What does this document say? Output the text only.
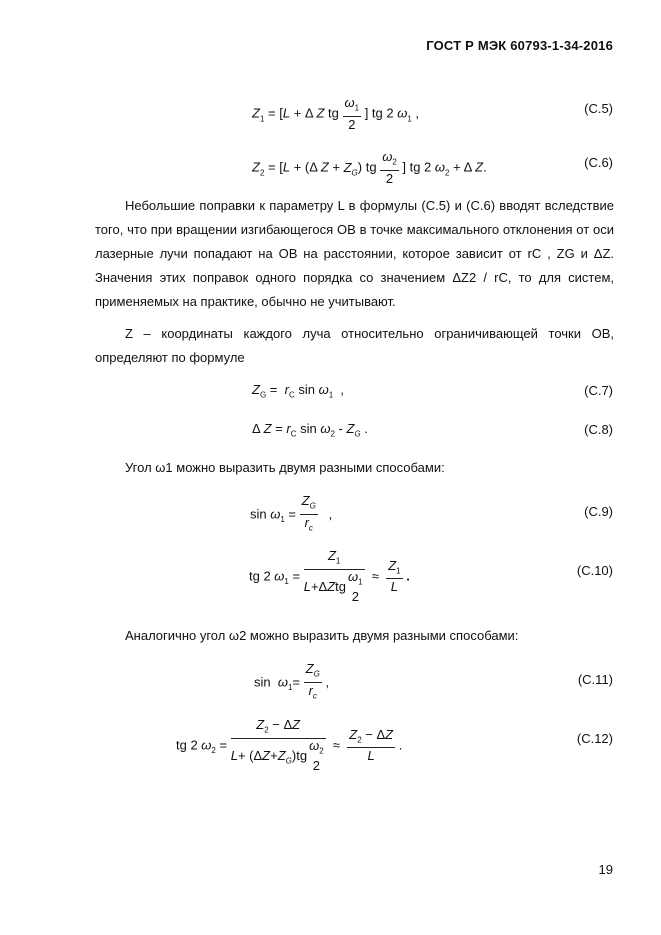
ГОСТ Р МЭК 60793-1-34-2016
$Z_1 = [L + \Delta$ Z tg $\frac{\omega_1}{2}$ ] tg 2 $\omega_1$ ,	(C.5)
$Z_2 = [L + (\Delta$ $Z + Z_G$) tg $\frac{\omega_2}{2}$ ] tg 2 $\omega_2 + \Delta$ Z.	(C.6)

Небольшие поправки к параметру L в формулы (C.5) и (C.6) вводят вследствие того, что при вращении изгибающегося ОВ в точке максимального отклонения от оси лазерные лучи попадают на ОВ на расстоянии, которое зависит от rC , ZG и ΔZ. Значения этих поправок одного порядка со значением ΔZ2 / rC, то для систем, применяемых на практике, обычно не учитывают.

Z – координаты каждого луча относительно ограничивающей точки ОВ, определяют по формуле

$Z_G = r_C$ $\sin \omega_1$  ,	(C.7)
Δ $Z = r_C$ $\sin \omega_2 - Z_G$ .	(C.8)

Угол ω1 можно выразить двумя разными способами:

$\sin \omega_1 = \frac{Z_G}{r_c}$ ,	(C.9)
tg 2 $\omega_1 = Z_1$
L+ΔZtg
$\omega_1$
$2 \approx \frac{Z_1}{L}$ .	(C.10)

Аналогично угол ω2 можно выразить двумя разными способами:

$\sin \omega_1= \frac{Z_G}{r_c}$ ,	(C.11)
tg 2 $\omega_2 = Z_2 - \Delta Z$
$L+ (\Delta Z+Z_G)tg$
$\omega_2$
$2 \approx \frac{Z_2 - \Delta Z}{L}$ .	(C.12)
19
